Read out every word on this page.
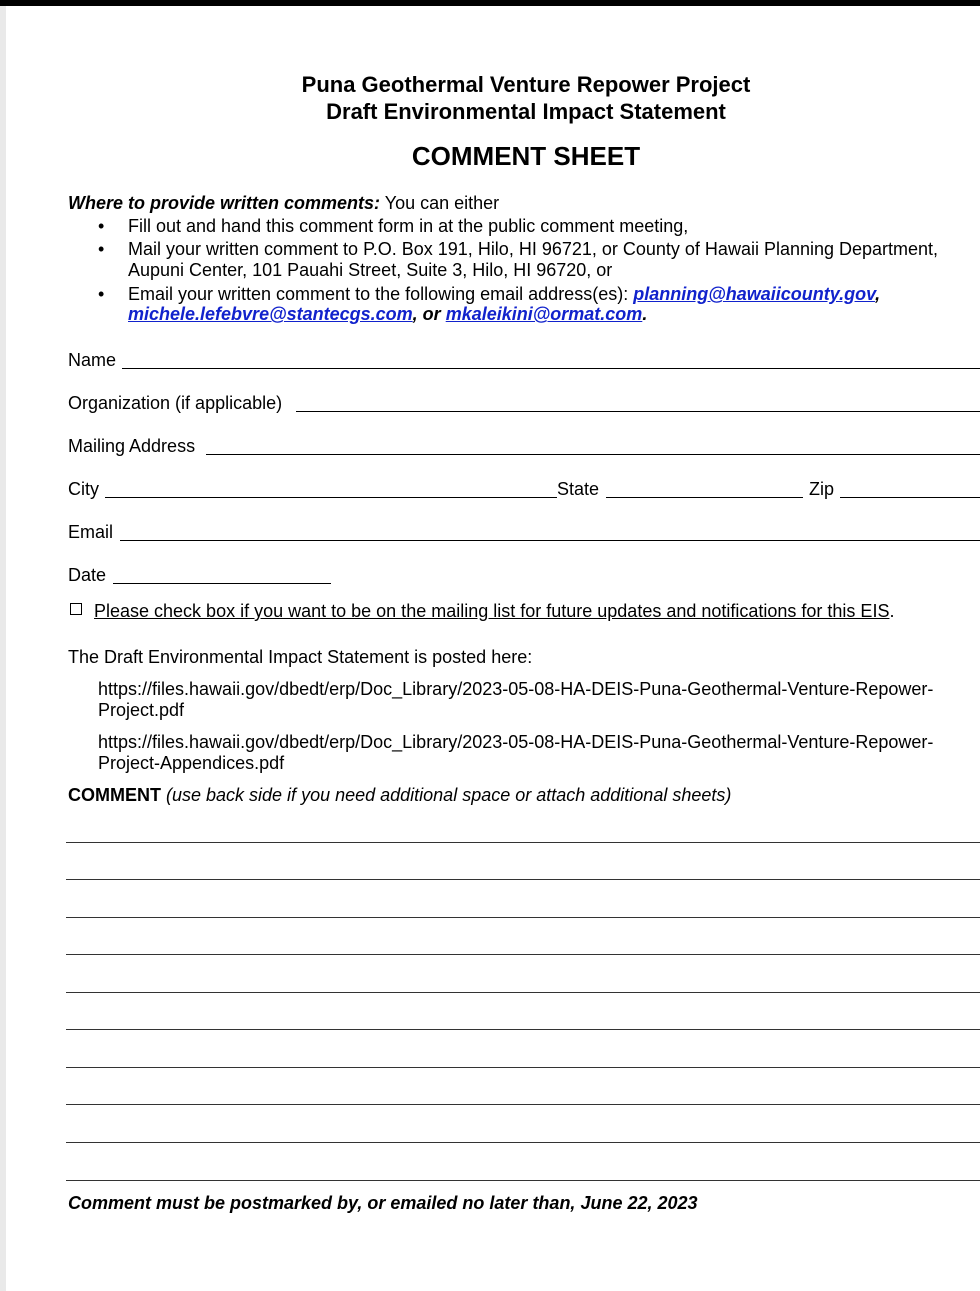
Puna Geothermal Venture Repower Project
Draft Environmental Impact Statement
COMMENT SHEET
Where to provide written comments: You can either
• Fill out and hand this comment form in at the public comment meeting,
• Mail your written comment to P.O. Box 191, Hilo, HI 96721, or County of Hawaii Planning Department,
Aupuni Center, 101 Pauahi Street, Suite 3, Hilo, HI 96720, or
• Email your written comment to the following email address(es): planning@hawaiicounty.gov,
michele.lefebvre@stantecgs.com, or mkaleikini@ormat.com.
Name
Organization (if applicable)
Mailing Address
City	State	Zip
Email
Date
Please check box if you want to be on the mailing list for future updates and notifications for this EIS.
The Draft Environmental Impact Statement is posted here:
https://files.hawaii.gov/dbedt/erp/Doc_Library/2023-05-08-HA-DEIS-Puna-Geothermal-Venture-Repower-
Project.pdf
https://files.hawaii.gov/dbedt/erp/Doc_Library/2023-05-08-HA-DEIS-Puna-Geothermal-Venture-Repower-
Project-Appendices.pdf
COMMENT (use back side if you need additional space or attach additional sheets)
Comment must be postmarked by, or emailed no later than, June 22, 2023
